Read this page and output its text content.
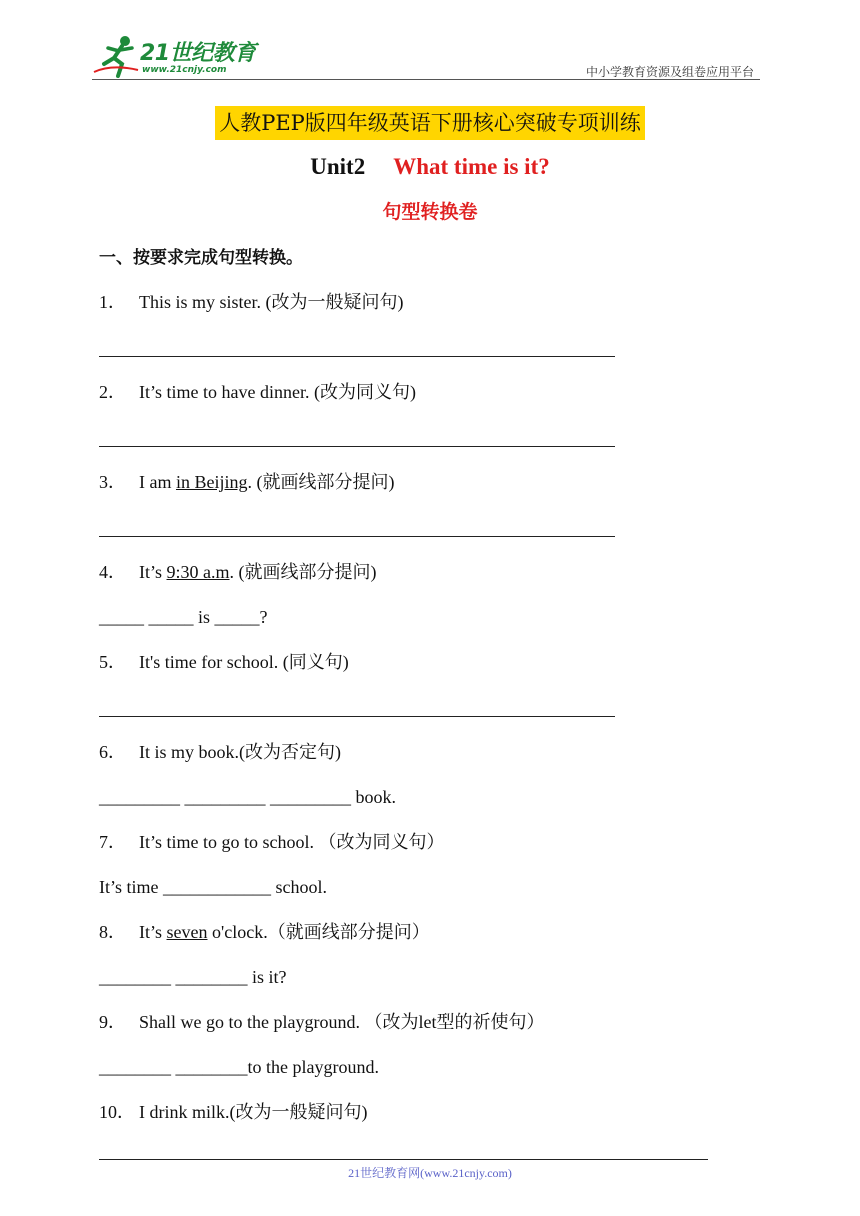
21世纪教育
www.21cnjy.com	中小学教育资源及组卷应用平台
人教PEP版四年级英语下册核心突破专项训练
Unit2 What time is it?
句型转换卷
一、按要求完成句型转换。
1． This is my sister. (改为一般疑问句)
2． It’s time to have dinner. (改为同义句)
3． I am in Beijing. (就画线部分提问)
4． It’s 9:30 a.m. (就画线部分提问)
_____ _____ is _____?
5． It's time for school. (同义句)
6． It is my book.(改为否定句)
_________ _________ _________ book.
7． It’s time to go to school. （改为同义句）
It’s time ____________ school.
8． It’s seven o'clock.（就画线部分提问）
________ ________ is it?
9． Shall we go to the playground. （改为let型的祈使句）
________ ________to the playground.
10． I drink milk.(改为一般疑问句)
21世纪教育网(www.21cnjy.com)
